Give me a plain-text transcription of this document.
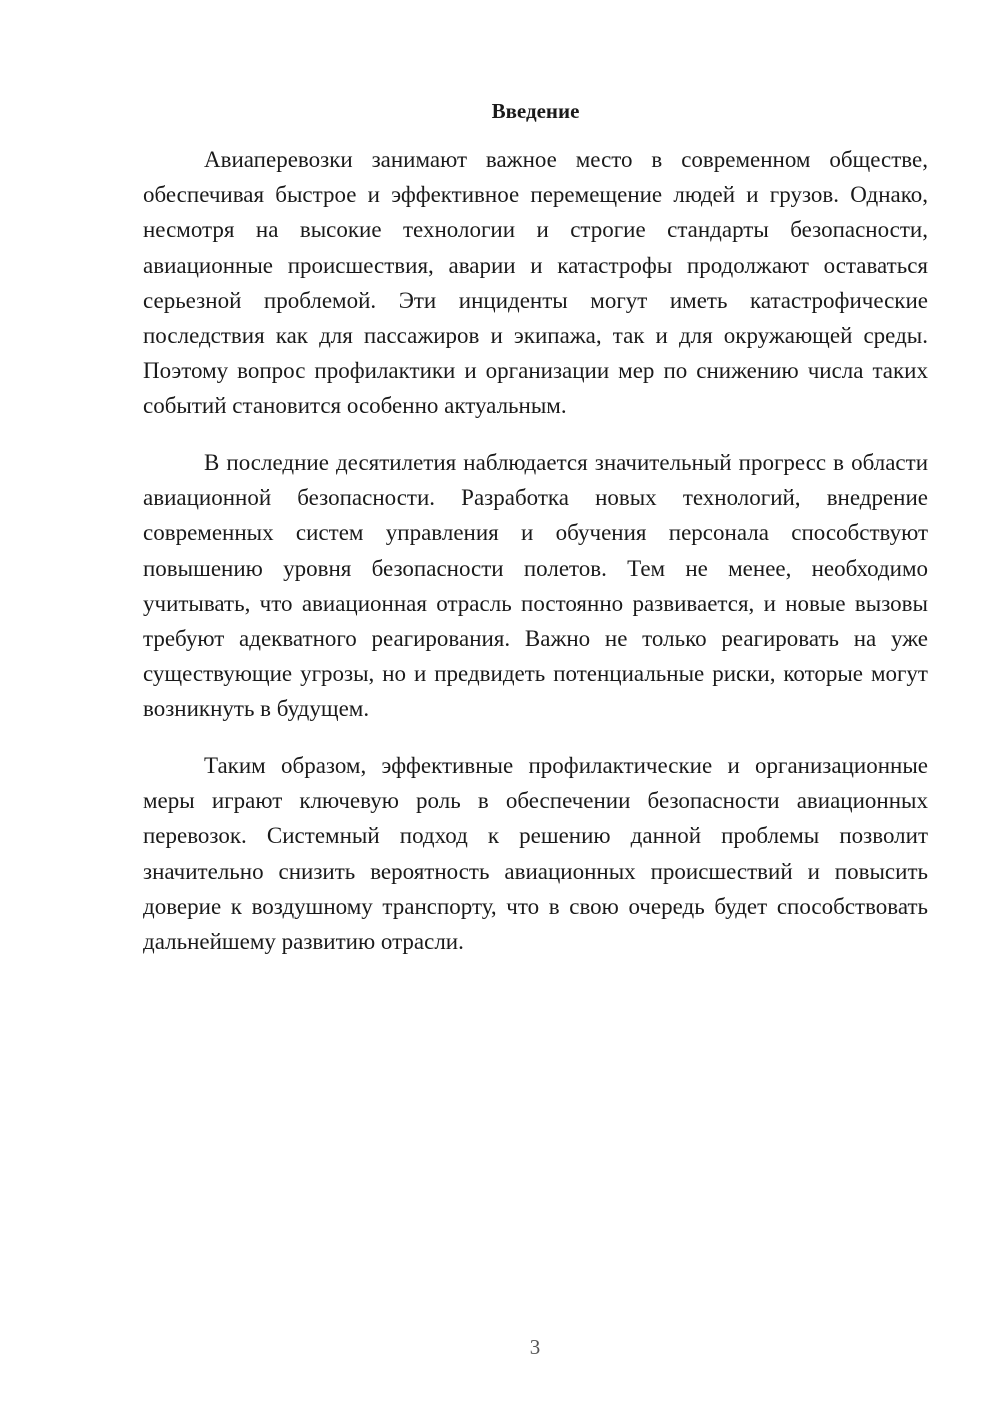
Введение

Авиаперевозки занимают важное место в современном обществе, обеспечивая быстрое и эффективное перемещение людей и грузов. Однако, несмотря на высокие технологии и строгие стандарты безопасности, авиационные происшествия, аварии и катастрофы продолжают оставаться серьезной проблемой. Эти инциденты могут иметь катастрофические последствия как для пассажиров и экипажа, так и для окружающей среды. Поэтому вопрос профилактики и организации мер по снижению числа таких событий становится особенно актуальным.

В последние десятилетия наблюдается значительный прогресс в области авиационной безопасности. Разработка новых технологий, внедрение современных систем управления и обучения персонала способствуют повышению уровня безопасности полетов. Тем не менее, необходимо учитывать, что авиационная отрасль постоянно развивается, и новые вызовы требуют адекватного реагирования. Важно не только реагировать на уже существующие угрозы, но и предвидеть потенциальные риски, которые могут возникнуть в будущем.

Таким образом, эффективные профилактические и организационные меры играют ключевую роль в обеспечении безопасности авиационных перевозок. Системный подход к решению данной проблемы позволит значительно снизить вероятность авиационных происшествий и повысить доверие к воздушному транспорту, что в свою очередь будет способствовать дальнейшему развитию отрасли.

3
